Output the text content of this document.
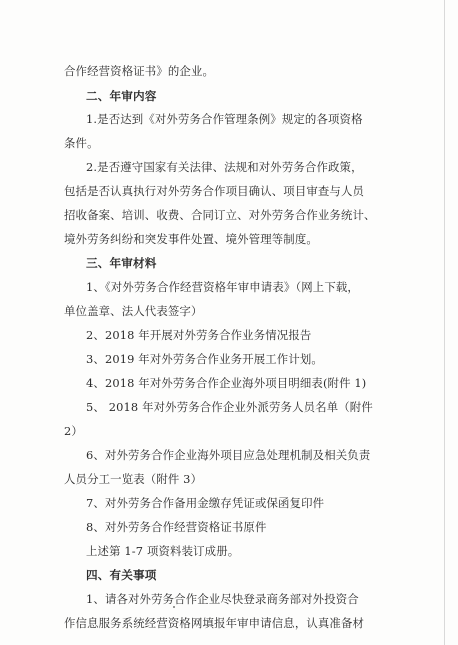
合作经营资格证书》的企业。
二、年审内容
1.是否达到《对外劳务合作管理条例》规定的各项资格
条件。
2.是否遵守国家有关法律、法规和对外劳务合作政策，
包括是否认真执行对外劳务合作项目确认、项目审查与人员
招收备案、培训、收费、合同订立、对外劳务合作业务统计、
境外劳务纠纷和突发事件处置、境外管理等制度。
三、年审材料
1、《对外劳务合作经营资格年审申请表》（网上下载，
单位盖章、法人代表签字）
2、2018 年开展对外劳务合作业务情况报告
3、2019 年对外劳务合作业务开展工作计划。
4、2018 年对外劳务合作企业海外项目明细表(附件 1)
5、 2018 年对外劳务合作企业外派劳务人员名单（附件
2）
6、对外劳务合作企业海外项目应急处理机制及相关负责
人员分工一览表（附件 3）
7、对外劳务合作备用金缴存凭证或保函复印件
8、对外劳务合作经营资格证书原件
上述第 1-7 项资料装订成册。
四、有关事项
1、请各对外劳务合作企业尽快登录商务部对外投资合
作信息服务系统经营资格网填报年审申请信息，认真准备材
